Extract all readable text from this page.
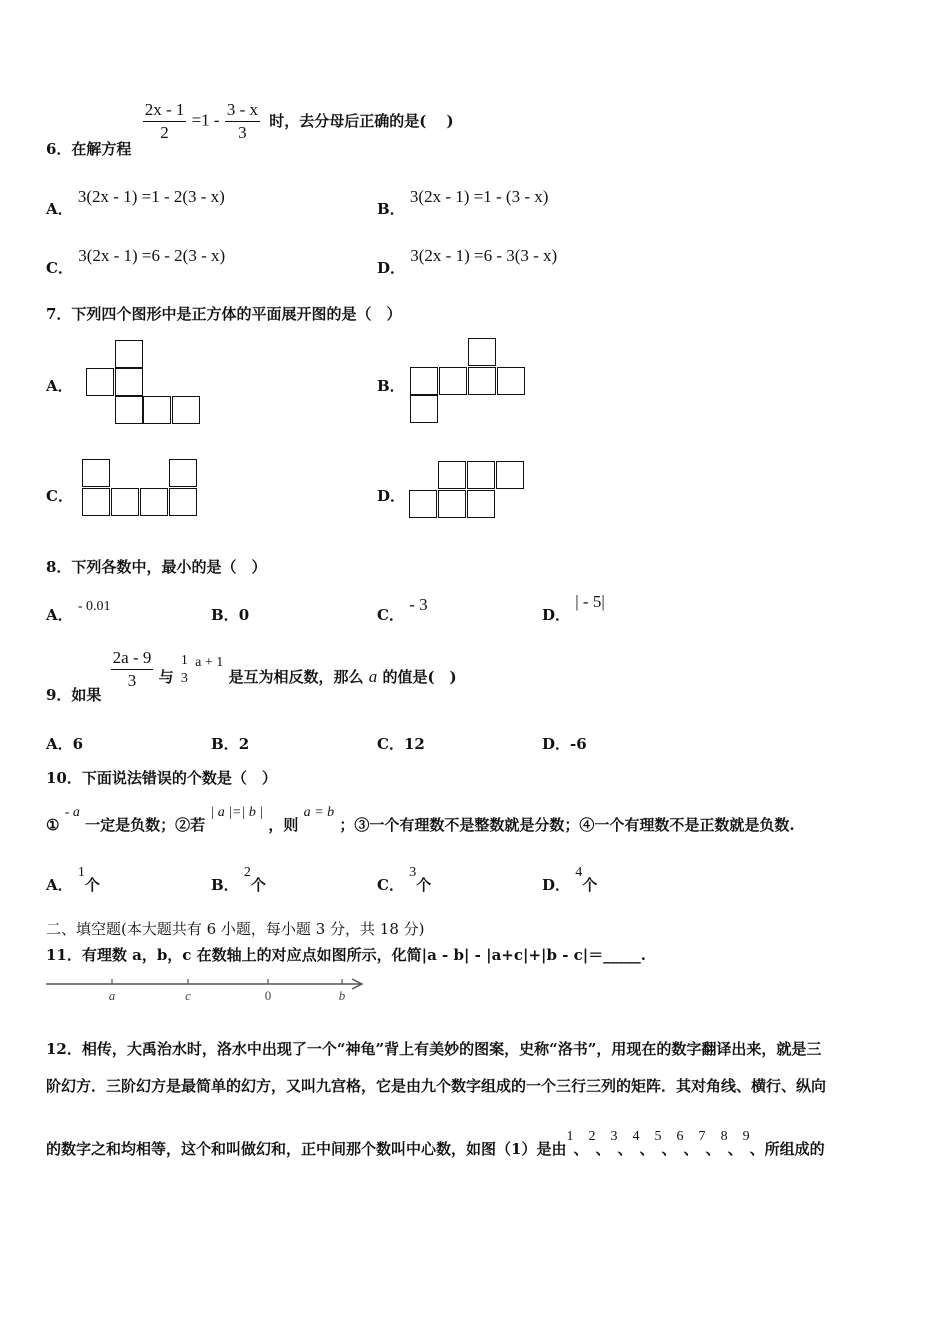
6．在解方程
$\frac{2x - 1}{2} =1 - \frac{3 - x}{3}$ 时，去分母后正确的是(　 )
A． 3(2x - 1) =1 - 2(3 - x)
B． 3(2x - 1) =1 - (3 - x)
C． 3(2x - 1) =6 - 2(3 - x)
D． 3(2x - 1) =6 - 3(3 - x)
7．下列四个图形中是正方体的平面展开图的是（　）
A．	B．
C．	D．
8．下列各数中，最小的是（　）
A． - 0.01	B．0	C． - 3
D． | - 5|
9．如果
$\frac{2a - 9}{3}$ 与
1
3
a + 1 是互为相反数，那么 a 的值是(　)
A．6	B．2	C．12	D．-6
10．下面说法错误的个数是（　）
① - a 一定是负数；②若 | a |=| b | ，则 a = b ；③一个有理数不是整数就是分数；④一个有理数不是正数就是负数.
A． 1个	B． 2个	C． 3个	D． 4个
二、填空题(本大题共有 6 小题，每小题 3 分，共 18 分)
11．有理数 a，b，c 在数轴上的对应点如图所示，化简|a - b| - |a+c|+|b - c|＝_____.
a	c	0	b
12．相传，大禹治水时，洛水中出现了一个“神龟”背上有美妙的图案，史称“洛书”，用现在的数字翻译出来，就是三
阶幻方．三阶幻方是最简单的幻方，又叫九宫格，它是由九个数字组成的一个三行三列的矩阵．其对角线、横行、纵向
的数字之和均相等，这个和叫做幻和，正中间那个数叫中心数，如图（1）是由1、2、3、4、5、6、7、8、9、所组成的
